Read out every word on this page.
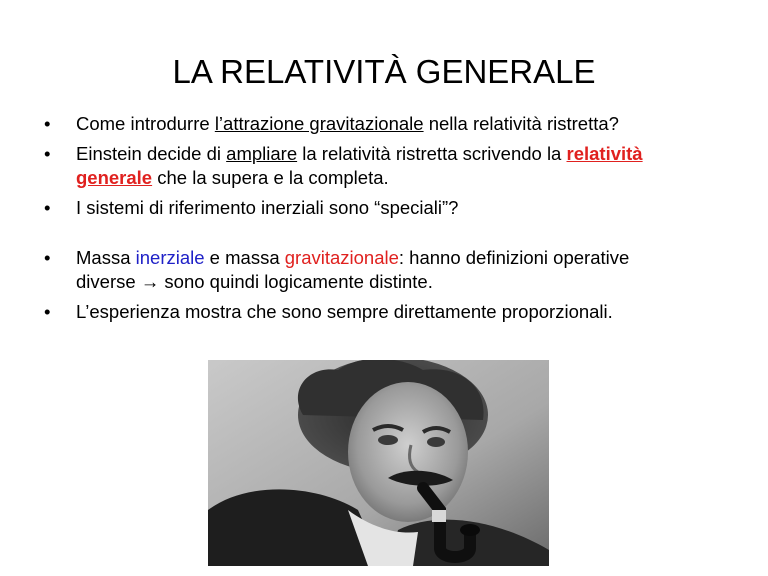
LA RELATIVITÀ GENERALE
• Come introdurre l’attrazione gravitazionale nella relatività ristretta?
• Einstein decide di ampliare la relatività ristretta scrivendo la relatività
generale che la supera e la completa.
• I sistemi di riferimento inerziali sono “speciali”?
• Massa inerziale e massa gravitazionale: hanno definizioni operative
diverse → sono quindi logicamente distinte.
• L’esperienza mostra che sono sempre direttamente proporzionali.
